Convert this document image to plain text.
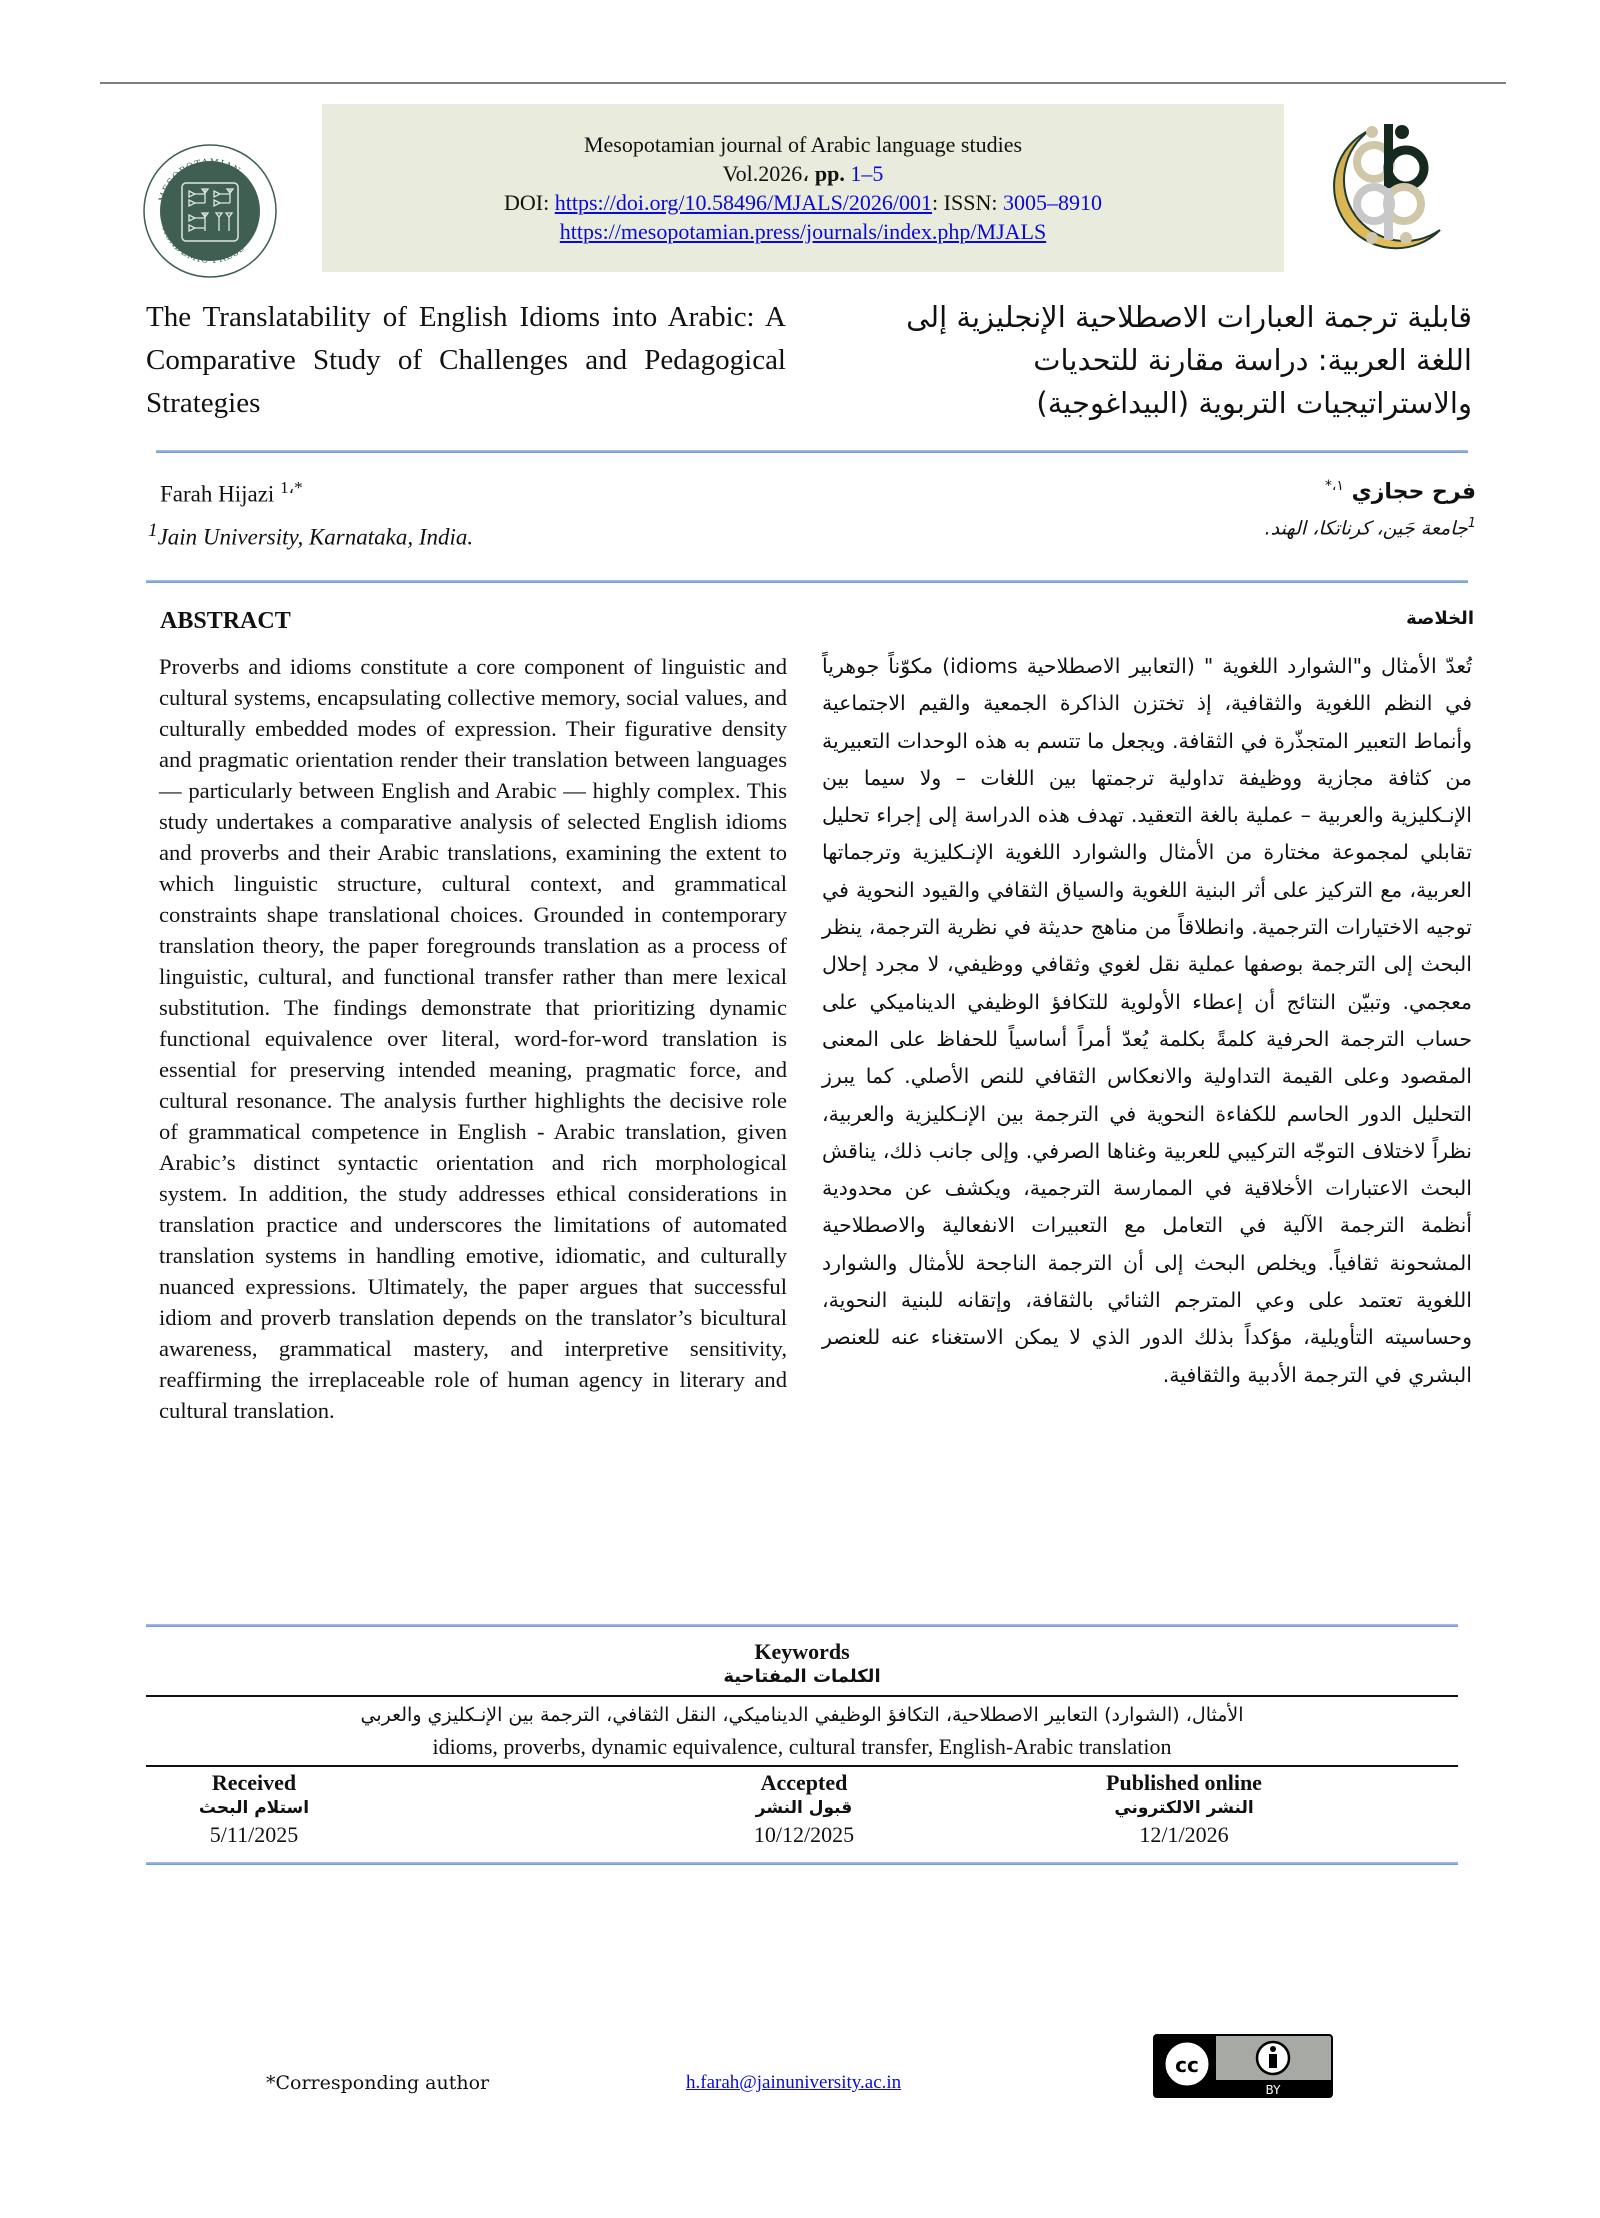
MESOPOTAMIAN
ACADEMIC PRESS
Mesopotamian journal of Arabic language studies
Vol.2026، pp. 1–5
DOI: https://doi.org/10.58496/MJALS/2026/001: ISSN: 3005–8910
https://mesopotamian.press/journals/index.php/MJALS
The Translatability of English Idioms into Arabic: A Comparative Study of Challenges and Pedagogical Strategies
قابلية ترجمة العبارات الاصطلاحية الإنجليزية إلى اللغة العربية: دراسة مقارنة للتحديات والاستراتيجيات التربوية (البيداغوجية)
Farah Hijazi $^{1،*}$
$^1$Jain University, Karnataka, India.
فرح حجازي $^{١،*}$
$^1$جامعة جَين، كرناتكا، الهند.
ABSTRACT	الخلاصة
Proverbs and idioms constitute a core component of linguistic and cultural systems, encapsulating collective memory, social values, and culturally embedded modes of expression. Their figurative density and pragmatic orientation render their translation between languages — particularly between English and Arabic — highly complex. This study undertakes a comparative analysis of selected English idioms and proverbs and their Arabic translations, examining the extent to which linguistic structure, cultural context, and grammatical constraints shape translational choices. Grounded in contemporary translation theory, the paper foregrounds translation as a process of linguistic, cultural, and functional transfer rather than mere lexical substitution. The findings demonstrate that prioritizing dynamic functional equivalence over literal, word-for-word translation is essential for preserving intended meaning, pragmatic force, and cultural resonance. The analysis further highlights the decisive role of grammatical competence in English - Arabic translation, given Arabic’s distinct syntactic orientation and rich morphological system. In addition, the study addresses ethical considerations in translation practice and underscores the limitations of automated translation systems in handling emotive, idiomatic, and culturally nuanced expressions. Ultimately, the paper argues that successful idiom and proverb translation depends on the translator’s bicultural awareness, grammatical mastery, and interpretive sensitivity, reaffirming the irreplaceable role of human agency in literary and cultural translation.
تُعدّ الأمثال و"الشوارد اللغوية " (التعابير الاصطلاحية idioms) مكوّناً جوهرياً في النظم اللغوية والثقافية، إذ تختزن الذاكرة الجمعية والقيم الاجتماعية وأنماط التعبير المتجذّرة في الثقافة. ويجعل ما تتسم به هذه الوحدات التعبيرية من كثافة مجازية ووظيفة تداولية ترجمتها بين اللغات – ولا سيما بين الإنـكليزية والعربية – عملية بالغة التعقيد. تهدف هذه الدراسة إلى إجراء تحليل تقابلي لمجموعة مختارة من الأمثال والشوارد اللغوية الإنـكليزية وترجماتها العربية، مع التركيز على أثر البنية اللغوية والسياق الثقافي والقيود النحوية في توجيه الاختيارات الترجمية. وانطلاقاً من مناهج حديثة في نظرية الترجمة، ينظر البحث إلى الترجمة بوصفها عملية نقل لغوي وثقافي ووظيفي، لا مجرد إحلال معجمي. وتبيّن النتائج أن إعطاء الأولوية للتكافؤ الوظيفي الديناميكي على حساب الترجمة الحرفية كلمةً بكلمة يُعدّ أمراً أساسياً للحفاظ على المعنى المقصود وعلى القيمة التداولية والانعكاس الثقافي للنص الأصلي. كما يبرز التحليل الدور الحاسم للكفاءة النحوية في الترجمة بين الإنـكليزية والعربية، نظراً لاختلاف التوجّه التركيبي للعربية وغناها الصرفي. وإلى جانب ذلك، يناقش البحث الاعتبارات الأخلاقية في الممارسة الترجمية، ويكشف عن محدودية أنظمة الترجمة الآلية في التعامل مع التعبيرات الانفعالية والاصطلاحية المشحونة ثقافياً. ويخلص البحث إلى أن الترجمة الناجحة للأمثال والشوارد اللغوية تعتمد على وعي المترجم الثنائي بالثقافة، وإتقانه للبنية النحوية، وحساسيته التأويلية، مؤكداً بذلك الدور الذي لا يمكن الاستغناء عنه للعنصر البشري في الترجمة الأدبية والثقافية.
Keywords
الكلمات المفتاحية
الأمثال، (الشوارد) التعابير الاصطلاحية، التكافؤ الوظيفي الديناميكي، النقل الثقافي، الترجمة بين الإنـكليزي والعربي
idioms, proverbs, dynamic equivalence, cultural transfer, English-Arabic translation
Received
استلام البحث
5/11/2025
Accepted
قبول النشر
10/12/2025
Published online
النشر الالكتروني
12/1/2026
*Corresponding author	h.farah@jainuniversity.ac.in
cc
BY
